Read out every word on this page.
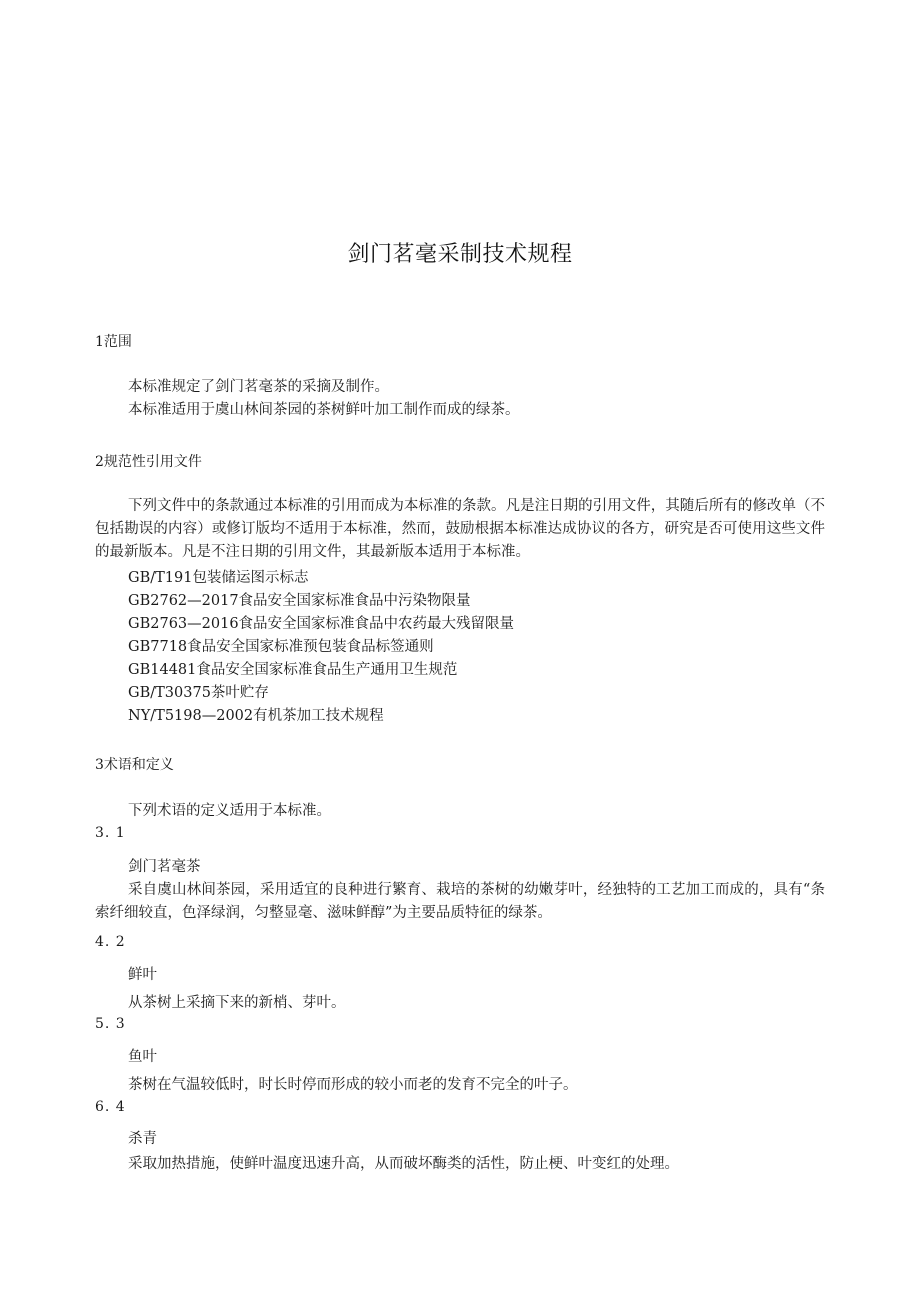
剑门茗毫采制技术规程
1范围
本标准规定了剑门茗毫茶的采摘及制作。
本标准适用于虞山林间茶园的茶树鲜叶加工制作而成的绿茶。
2规范性引用文件
下列文件中的条款通过本标准的引用而成为本标准的条款。凡是注日期的引用文件，其随后所有的修改单（不包括勘误的内容）或修订版均不适用于本标准，然而，鼓励根据本标准达成协议的各方，研究是否可使用这些文件的最新版本。凡是不注日期的引用文件，其最新版本适用于本标准。
GB/T191包装储运图示标志
GB2762—2017食品安全国家标准食品中污染物限量
GB2763—2016食品安全国家标准食品中农药最大残留限量
GB7718食品安全国家标准预包装食品标签通则
GB14481食品安全国家标准食品生产通用卫生规范
GB/T30375茶叶贮存
NY/T5198—2002有机茶加工技术规程
3术语和定义
下列术语的定义适用于本标准。
3. 1
剑门茗毫茶
采自虞山林间茶园，采用适宜的良种进行繁育、栽培的茶树的幼嫩芽叶，经独特的工艺加工而成的，具有“条索纤细较直，色泽绿润，匀整显毫、滋味鲜醇”为主要品质特征的绿茶。
4. 2
鲜叶
从茶树上采摘下来的新梢、芽叶。
5. 3
鱼叶
茶树在气温较低时，时长时停而形成的较小而老的发育不完全的叶子。
6. 4
杀青
采取加热措施，使鲜叶温度迅速升高，从而破坏酶类的活性，防止梗、叶变红的处理。
